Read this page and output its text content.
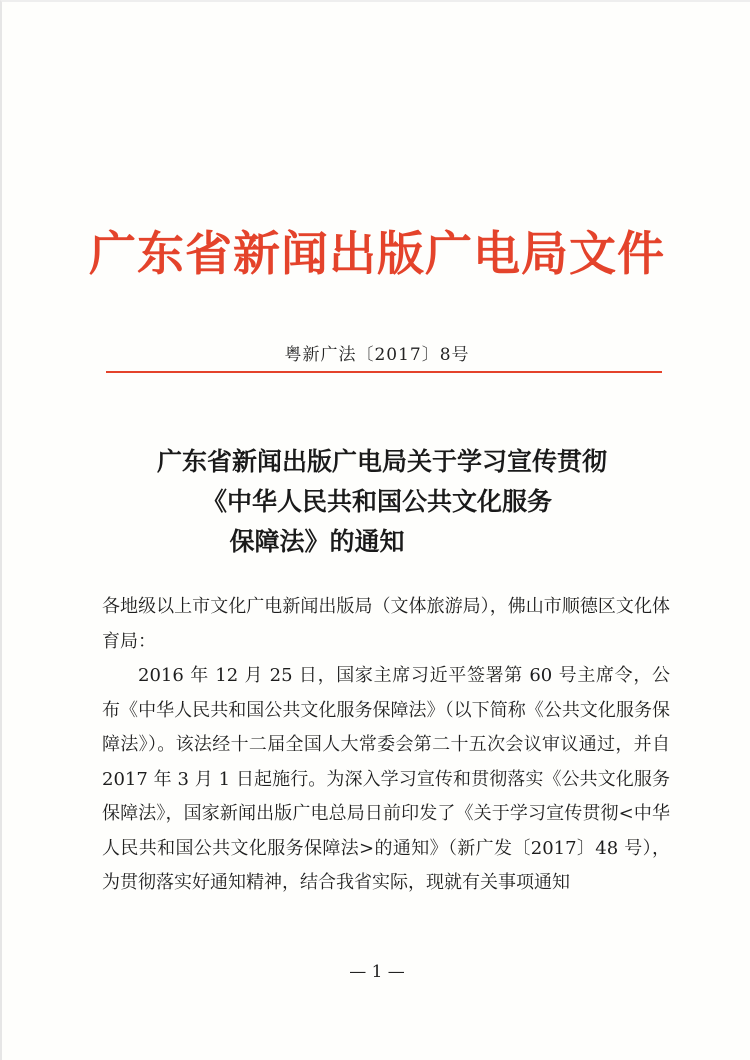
广东省新闻出版广电局文件
粤新广法〔2017〕8号
广东省新闻出版广电局关于学习宣传贯彻
《中华人民共和国公共文化服务
保障法》的通知

各地级以上市文化广电新闻出版局（文体旅游局），佛山市顺德区文化体育局：

2016 年 12 月 25 日，国家主席习近平签署第 60 号主席令，公布《中华人民共和国公共文化服务保障法》（以下简称《公共文化服务保障法》）。该法经十二届全国人大常委会第二十五次会议审议通过，并自 2017 年 3 月 1 日起施行。为深入学习宣传和贯彻落实《公共文化服务保障法》，国家新闻出版广电总局日前印发了《关于学习宣传贯彻<中华人民共和国公共文化服务保障法>的通知》（新广发〔2017〕48 号），为贯彻落实好通知精神，结合我省实际，现就有关事项通知

— 1 —
